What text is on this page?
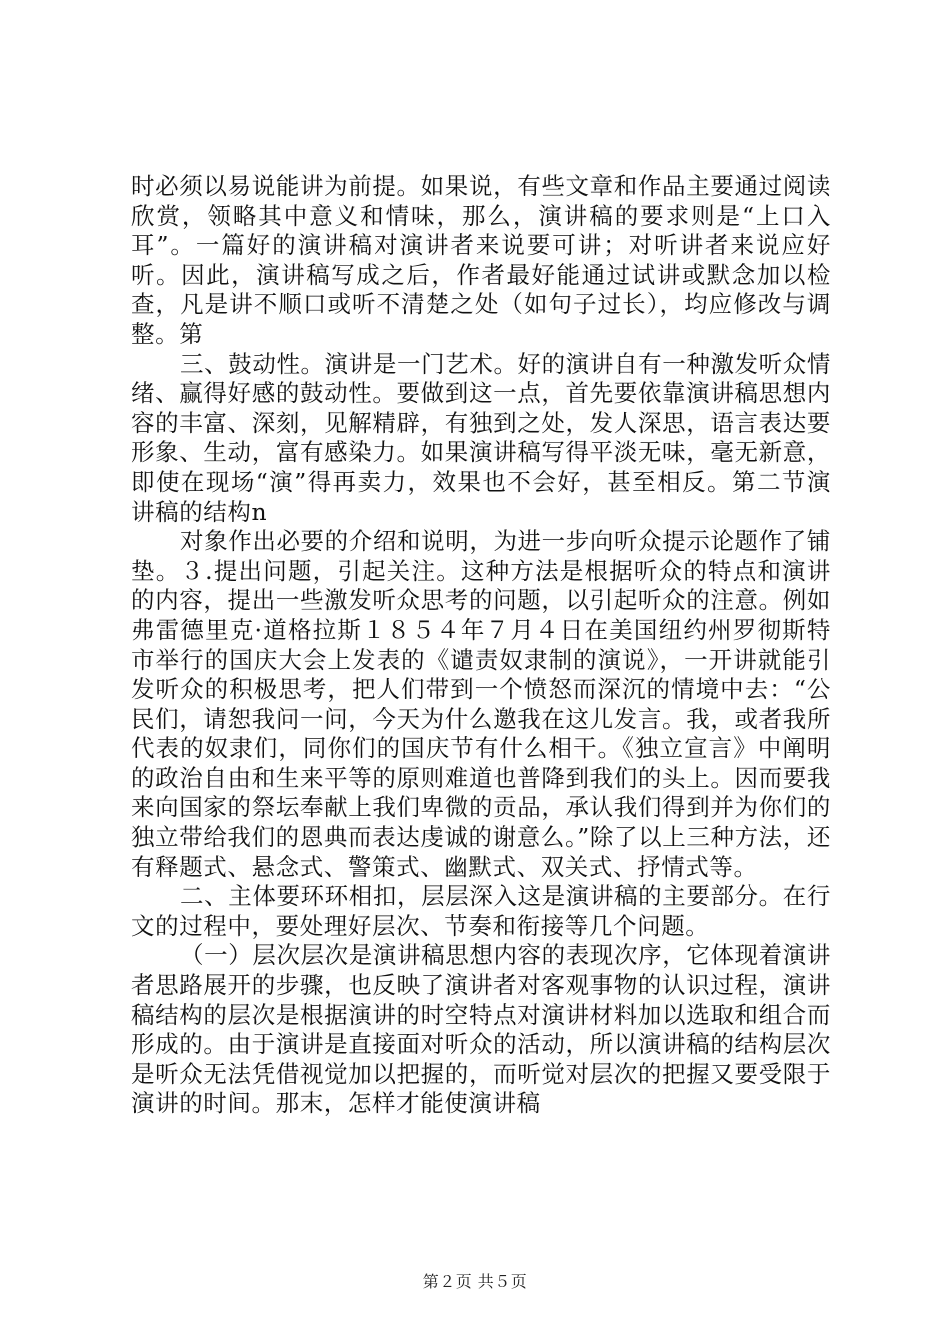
时必须以易说能讲为前提。如果说，有些文章和作品主要通过阅读欣赏，领略其中意义和情味，那么，演讲稿的要求则是“上口入耳”。一篇好的演讲稿对演讲者来说要可讲；对听讲者来说应好听。因此，演讲稿写成之后，作者最好能通过试讲或默念加以检查，凡是讲不顺口或听不清楚之处（如句子过长），均应修改与调整。第

三、鼓动性。演讲是一门艺术。好的演讲自有一种激发听众情绪、赢得好感的鼓动性。要做到这一点，首先要依靠演讲稿思想内容的丰富、深刻，见解精辟，有独到之处，发人深思，语言表达要形象、生动，富有感染力。如果演讲稿写得平淡无味，毫无新意，即使在现场“演”得再卖力，效果也不会好，甚至相反。第二节演讲稿的结构n

对象作出必要的介绍和说明，为进一步向听众提示论题作了铺垫。３.提出问题，引起关注。这种方法是根据听众的特点和演讲的内容，提出一些激发听众思考的问题，以引起听众的注意。例如弗雷德里克·道格拉斯１８５４年７月４日在美国纽约州罗彻斯特市举行的国庆大会上发表的《谴责奴隶制的演说》，一开讲就能引发听众的积极思考，把人们带到一个愤怒而深沉的情境中去：“公民们，请恕我问一问，今天为什么邀我在这儿发言。我，或者我所代表的奴隶们，同你们的国庆节有什么相干。《独立宣言》中阐明的政治自由和生来平等的原则难道也普降到我们的头上。因而要我来向国家的祭坛奉献上我们卑微的贡品，承认我们得到并为你们的独立带给我们的恩典而表达虔诚的谢意么。”除了以上三种方法，还有释题式、悬念式、警策式、幽默式、双关式、抒情式等。

二、主体要环环相扣，层层深入这是演讲稿的主要部分。在行文的过程中，要处理好层次、节奏和衔接等几个问题。

（一）层次层次是演讲稿思想内容的表现次序，它体现着演讲者思路展开的步骤，也反映了演讲者对客观事物的认识过程，演讲稿结构的层次是根据演讲的时空特点对演讲材料加以选取和组合而形成的。由于演讲是直接面对听众的活动，所以演讲稿的结构层次是听众无法凭借视觉加以把握的，而听觉对层次的把握又要受限于演讲的时间。那末，怎样才能使演讲稿

第２页 共５页
